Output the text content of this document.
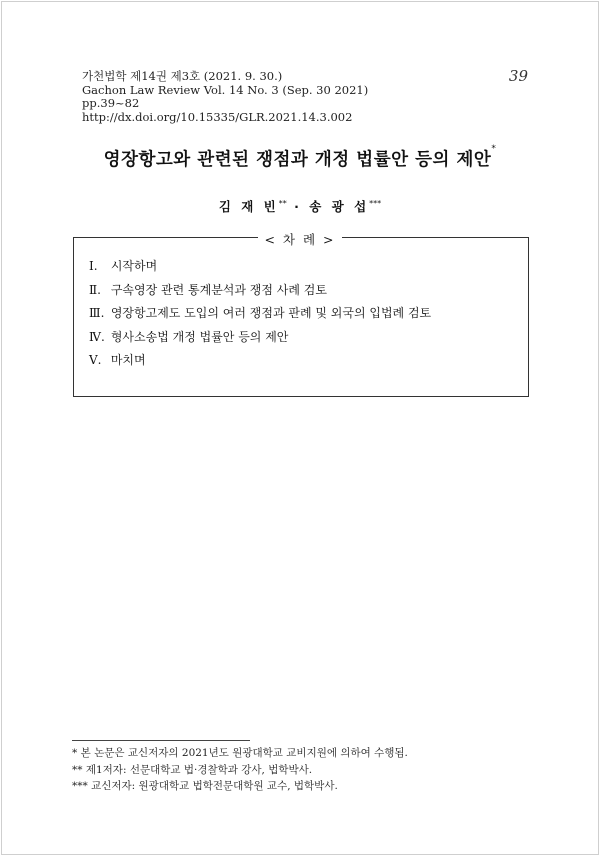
가천법학 제14권 제3호 (2021. 9. 30.)
Gachon Law Review Vol. 14 No. 3 (Sep. 30 2021)
pp.39~82
http://dx.doi.org/10.15335/GLR.2021.14.3.002
39
영장항고와 관련된 쟁점과 개정 법률안 등의 제안*
김 재 빈** · 송 광 섭***
< 차 례 >
Ⅰ. 시작하며
Ⅱ. 구속영장 관련 통계분석과 쟁점 사례 검토
Ⅲ. 영장항고제도 도입의 여러 쟁점과 판례 및 외국의 입법례 검토
Ⅳ. 형사소송법 개정 법률안 등의 제안
Ⅴ. 마치며
* 본 논문은 교신저자의 2021년도 원광대학교 교비지원에 의하여 수행됨.
** 제1저자: 선문대학교 법·경찰학과 강사, 법학박사.
*** 교신저자: 원광대학교 법학전문대학원 교수, 법학박사.
